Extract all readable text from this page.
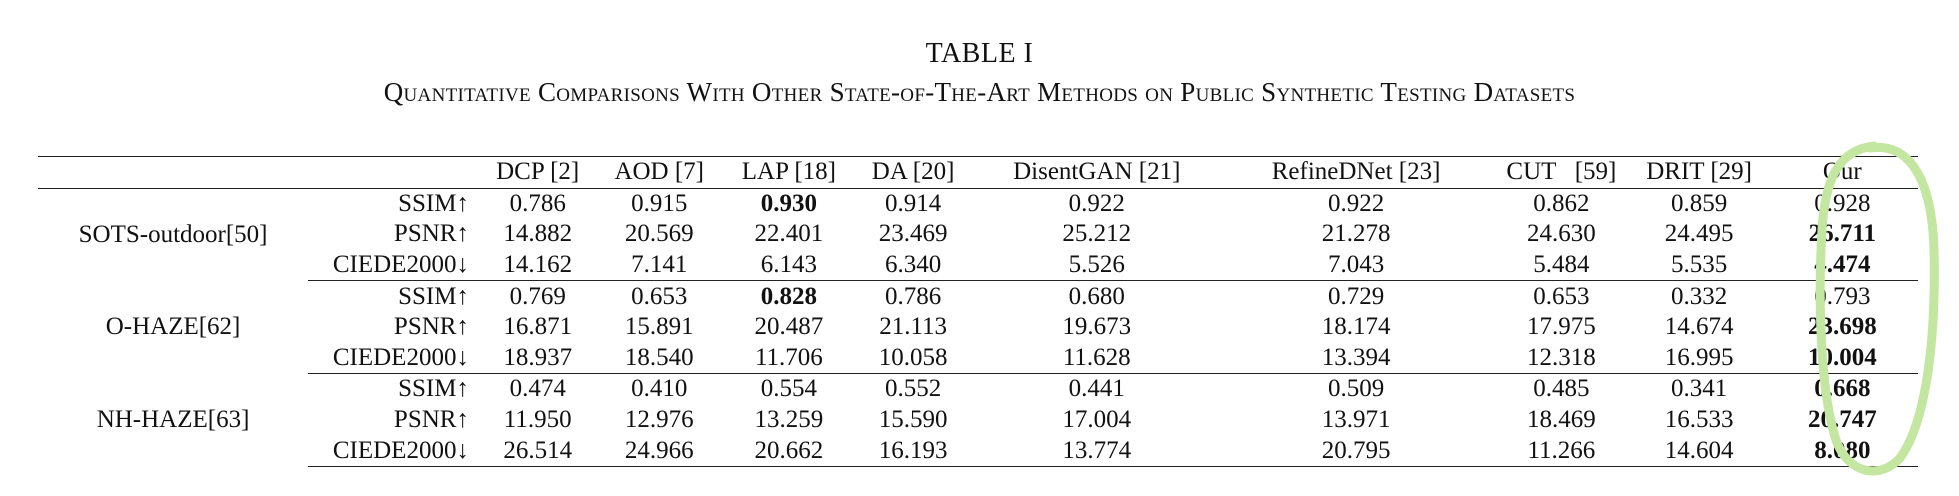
TABLE I
Quantitative Comparisons With Other State-of-The-Art Methods on Public Synthetic Testing Datasets
		DCP [2]	AOD [7]	LAP [18]	DA [20]	DisentGAN [21]	RefineDNet [23]	CUT   [59]	DRIT [29]	Our
SOTS-outdoor[50]	SSIM↑	0.786	0.915	0.930	0.914	0.922	0.922	0.862	0.859	0.928
	PSNR↑	14.882	20.569	22.401	23.469	25.212	21.278	24.630	24.495	26.711
	CIEDE2000↓	14.162	7.141	6.143	6.340	5.526	7.043	5.484	5.535	4.474
O-HAZE[62]	SSIM↑	0.769	0.653	0.828	0.786	0.680	0.729	0.653	0.332	0.793
	PSNR↑	16.871	15.891	20.487	21.113	19.673	18.174	17.975	14.674	23.698
	CIEDE2000↓	18.937	18.540	11.706	10.058	11.628	13.394	12.318	16.995	10.004
NH-HAZE[63]	SSIM↑	0.474	0.410	0.554	0.552	0.441	0.509	0.485	0.341	0.668
	PSNR↑	11.950	12.976	13.259	15.590	17.004	13.971	18.469	16.533	20.747
	CIEDE2000↓	26.514	24.966	20.662	16.193	13.774	20.795	11.266	14.604	8.080
